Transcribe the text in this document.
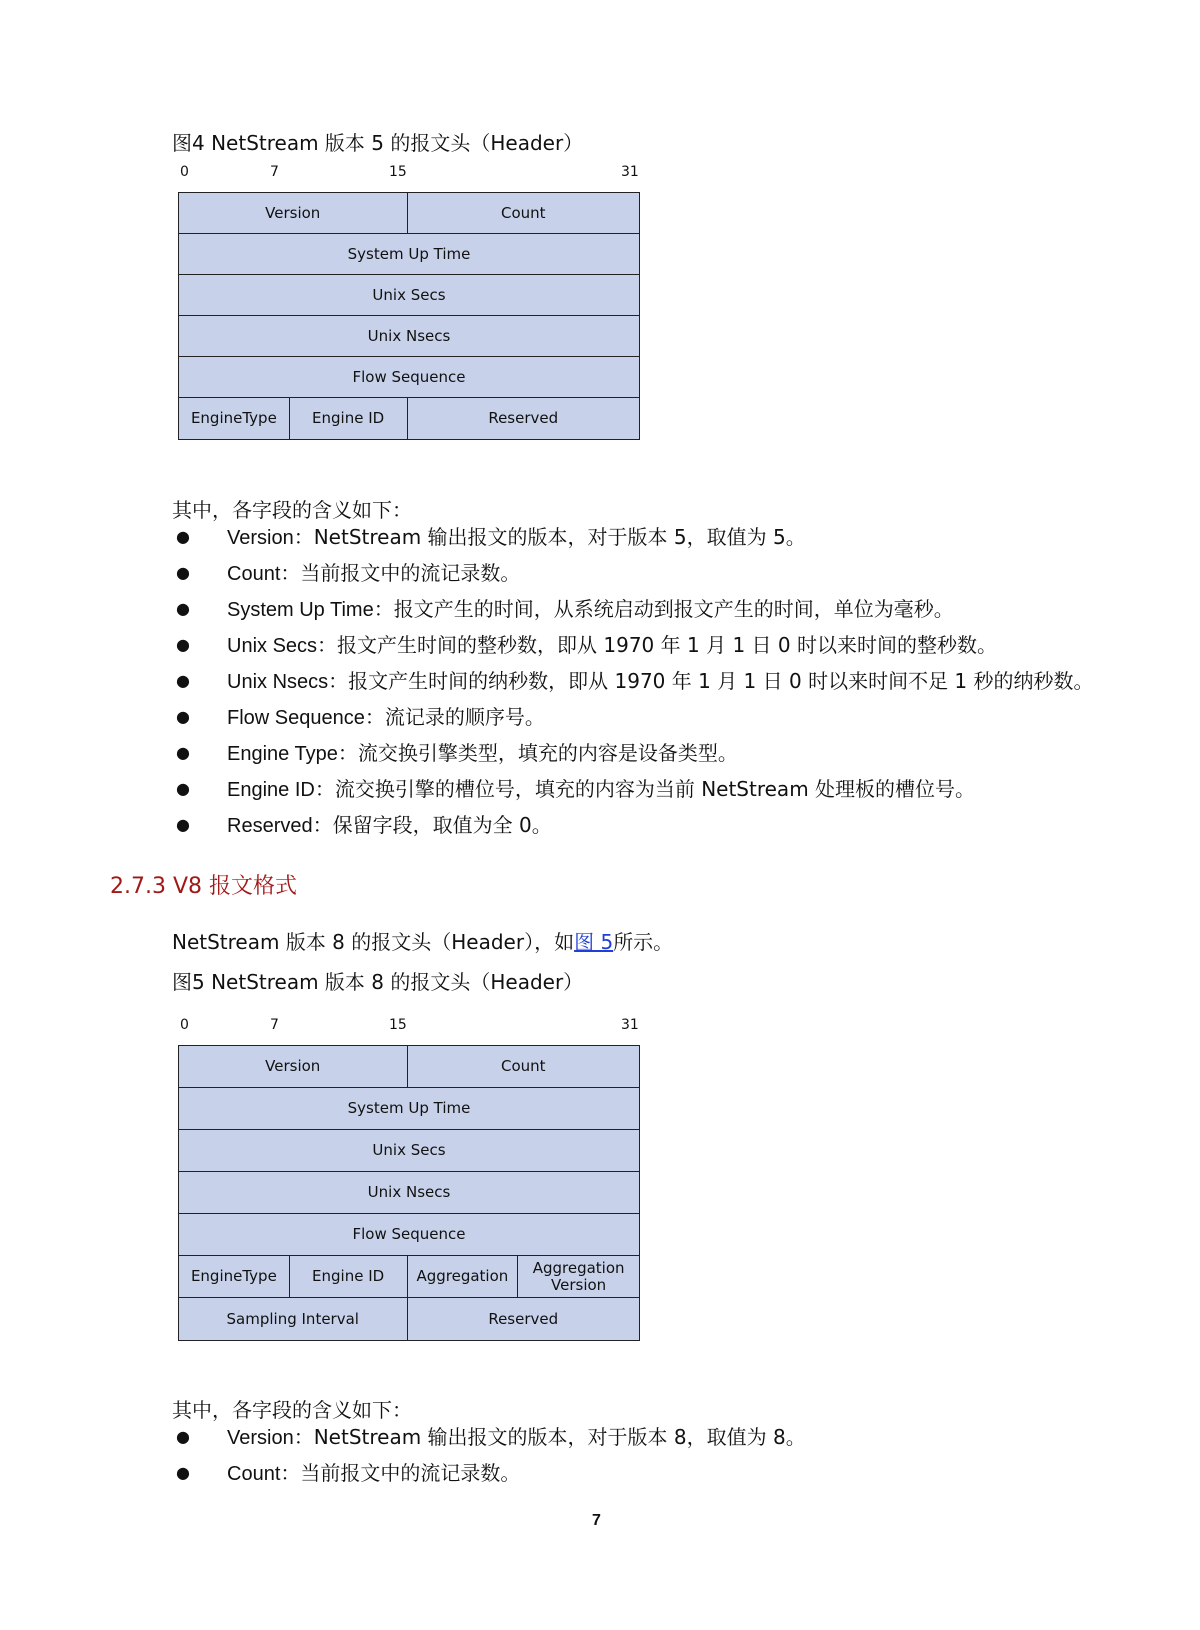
图4 NetStream 版本 5 的报文头（Header）
0	7	15	31
Version	Count
System Up Time
Unix Secs
Unix Nsecs
Flow Sequence
EngineType	Engine ID	Reserved
其中，各字段的含义如下：
● Version：NetStream 输出报文的版本，对于版本 5，取值为 5。
● Count：当前报文中的流记录数。
● System Up Time：报文产生的时间，从系统启动到报文产生的时间，单位为毫秒。
● Unix Secs：报文产生时间的整秒数，即从 1970 年 1 月 1 日 0 时以来时间的整秒数。
● Unix Nsecs：报文产生时间的纳秒数，即从 1970 年 1 月 1 日 0 时以来时间不足 1 秒的纳秒数。
● Flow Sequence：流记录的顺序号。
● Engine Type：流交换引擎类型，填充的内容是设备类型。
● Engine ID：流交换引擎的槽位号，填充的内容为当前 NetStream 处理板的槽位号。
● Reserved：保留字段，取值为全 0。
2.7.3 V8 报文格式
NetStream 版本 8 的报文头（Header），如图 5所示。
图5 NetStream 版本 8 的报文头（Header）
0	7	15	31
Version	Count
System Up Time
Unix Secs
Unix Nsecs
Flow Sequence
EngineType	Engine ID	Aggregation	Aggregation Version
Sampling Interval	Reserved
其中，各字段的含义如下：
● Version：NetStream 输出报文的版本，对于版本 8，取值为 8。
● Count：当前报文中的流记录数。
7
